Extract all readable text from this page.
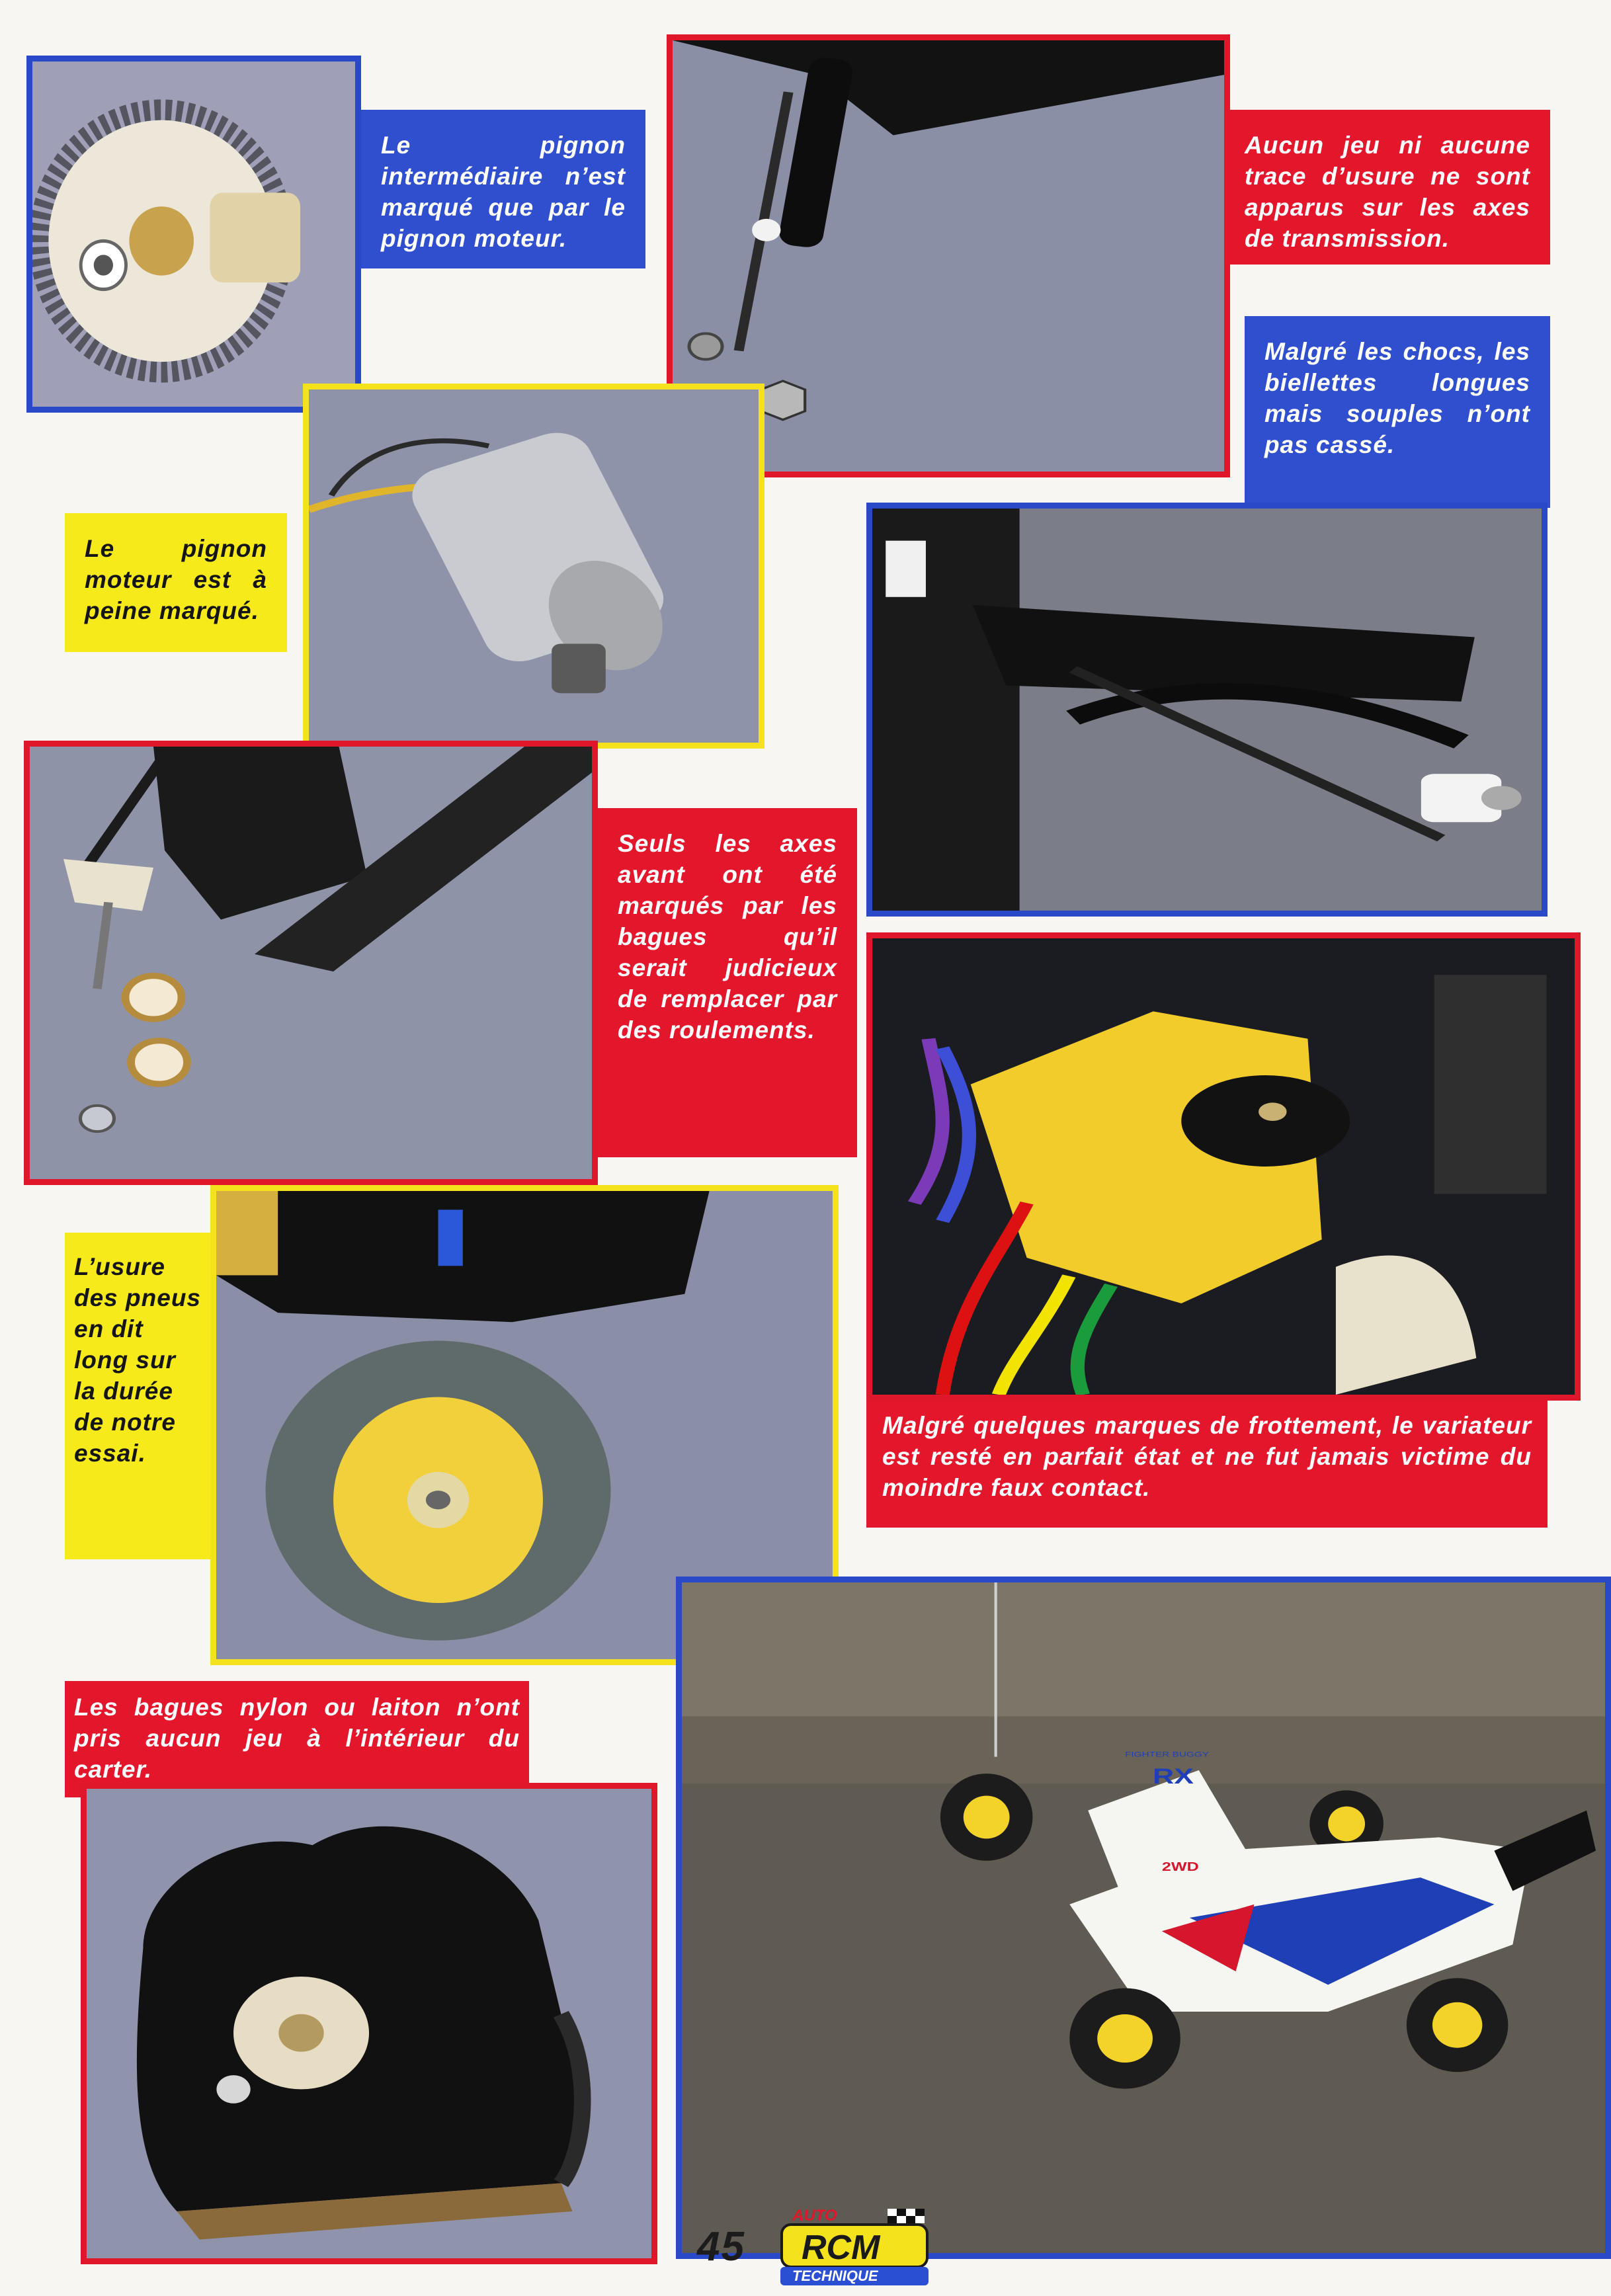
Le pignon intermédiaire n’est marqué que par le pignon moteur.
Aucun jeu ni aucune trace d’usure ne sont apparus sur les axes de transmission.
Malgré les chocs, les biellettes longues mais souples n’ont pas cassé.
Le pignon moteur est à peine marqué.
Seuls les axes avant ont été marqués par les bagues qu’il serait judicieux de remplacer par des roulements.
Malgré quelques marques de frottement, le variateur est resté en parfait état et ne fut jamais victime du moindre faux contact.
L’usure des pneus en dit long sur la durée de notre essai.
Les bagues nylon ou laiton n’ont pris aucun jeu à l’intérieur du carter.	RX
FIGHTER BUGGY
2WD
45
AUTO
RCM
TECHNIQUE
